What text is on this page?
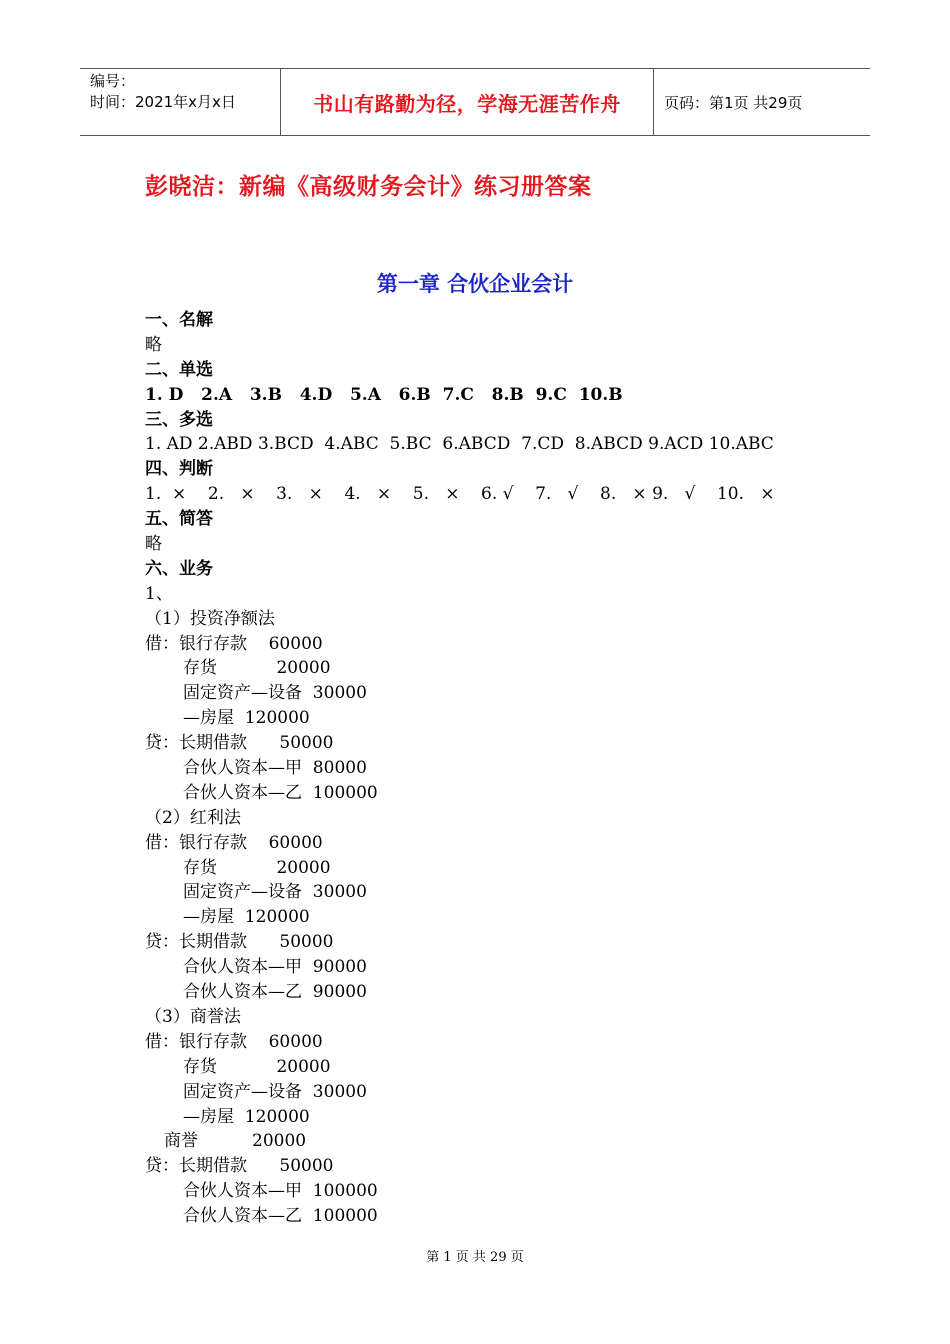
编号：
时间：2021年x月x日	书山有路勤为径，学海无涯苦作舟	页码：第1页 共29页
彭晓洁：新编《高级财务会计》练习册答案
第一章 合伙企业会计
一、名解
略
二、单选
1. D   2.A   3.B   4.D   5.A   6.B  7.C   8.B  9.C  10.B
三、多选
1. AD 2.ABD 3.BCD  4.ABC  5.BC  6.ABCD  7.CD  8.ABCD 9.ACD 10.ABC
四、判断
1.  ×    2.   ×    3.   ×    4.   ×    5.   ×    6. √    7.   √    8.   × 9.   √    10.   ×
五、简答
略
六、业务
1、
（1）投资净额法
借：银行存款    60000
存货           20000
固定资产—设备  30000
—房屋  120000
贷：长期借款      50000
合伙人资本—甲  80000
合伙人资本—乙  100000
（2）红利法
借：银行存款    60000
存货           20000
固定资产—设备  30000
—房屋  120000
贷：长期借款      50000
合伙人资本—甲  90000
合伙人资本—乙  90000
（3）商誉法
借：银行存款    60000
存货           20000
固定资产—设备  30000
—房屋  120000
商誉          20000
贷：长期借款      50000
合伙人资本—甲  100000
合伙人资本—乙  100000
第 1 页 共 29 页
